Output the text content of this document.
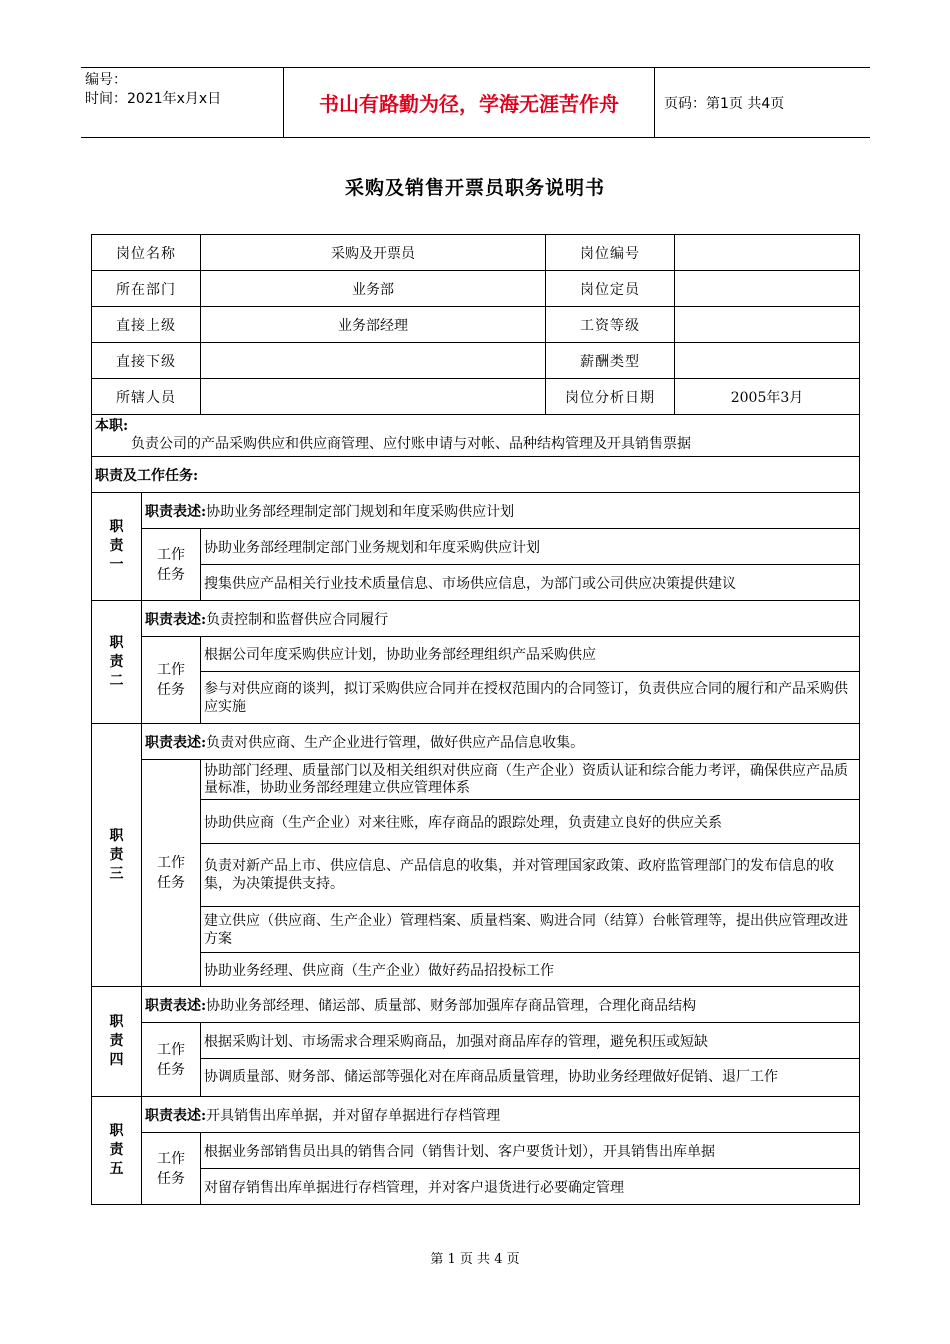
编号：
时间：2021年x月x日	书山有路勤为径，学海无涯苦作舟	页码：第1页 共4页
采购及销售开票员职务说明书
岗位名称		采购及开票员	岗位编号	
所在部门		业务部	岗位定员	
直接上级		业务部经理	工资等级	
直接下级			薪酬类型	
所辖人员			岗位分析日期	2005年3月

本职:
负责公司的产品采购供应和供应商管理、应付账申请与对帐、品种结构管理及开具销售票据				

职责及工作任务:				
职责一	职责表述:协助业务部经理制定部门规划和年度采购供应计划			
	工作任务	协助业务部经理制定部门业务规划和年度采购供应计划		
		搜集供应产品相关行业技术质量信息、市场供应信息，为部门或公司供应决策提供建议		
职责二	职责表述:负责控制和监督供应合同履行			
	工作任务	根据公司年度采购供应计划，协助业务部经理组织产品采购供应		
		参与对供应商的谈判，拟订采购供应合同并在授权范围内的合同签订，负责供应合同的履行和产品采购供应实施		
职责三	职责表述:负责对供应商、生产企业进行管理，做好供应产品信息收集。			
	工作任务	协助部门经理、质量部门以及相关组织对供应商（生产企业）资质认证和综合能力考评，确保供应产品质量标准，协助业务部经理建立供应管理体系		
		协助供应商（生产企业）对来往账，库存商品的跟踪处理，负责建立良好的供应关系		
		负责对新产品上市、供应信息、产品信息的收集，并对管理国家政策、政府监管理部门的发布信息的收集，为决策提供支持。		
		建立供应（供应商、生产企业）管理档案、质量档案、购进合同（结算）台帐管理等，提出供应管理改进方案		
		协助业务经理、供应商（生产企业）做好药品招投标工作		
职责四	职责表述:协助业务部经理、储运部、质量部、财务部加强库存商品管理，合理化商品结构			
	工作任务	根据采购计划、市场需求合理采购商品，加强对商品库存的管理，避免积压或短缺		
		协调质量部、财务部、储运部等强化对在库商品质量管理，协助业务经理做好促销、退厂工作		
职责五	职责表述:开具销售出库单据，并对留存单据进行存档管理			
	工作任务	根据业务部销售员出具的销售合同（销售计划、客户要货计划），开具销售出库单据		
		对留存销售出库单据进行存档管理，并对客户退货进行必要确定管理		
第 1 页 共 4 页
